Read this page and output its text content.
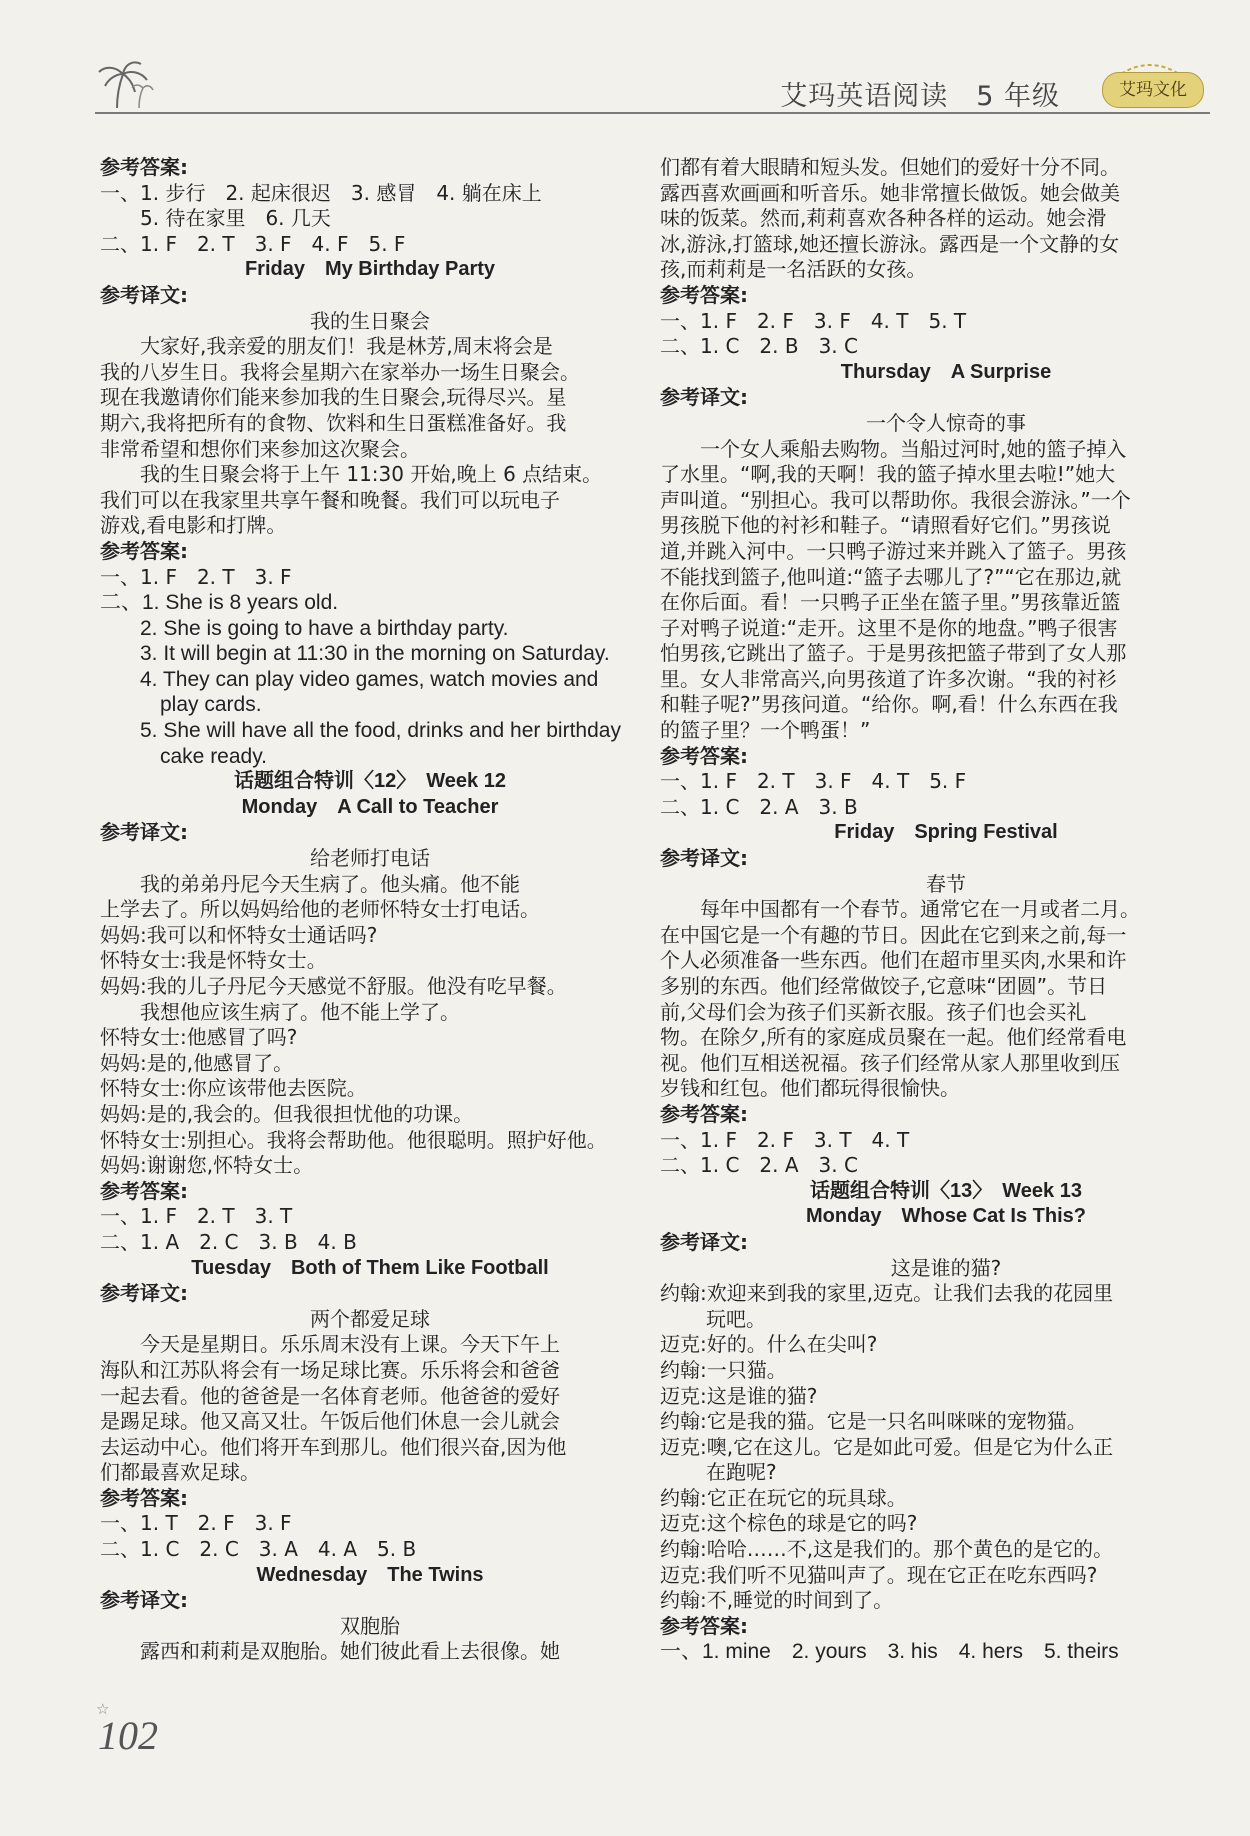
艾玛英语阅读　5 年级	艾玛文化
参考答案:
一、1. 步行　2. 起床很迟　3. 感冒　4. 躺在床上
5. 待在家里　6. 几天
二、1. F　2. T　3. F　4. F　5. F
Friday　My Birthday Party
参考译文:
我的生日聚会
　　大家好,我亲爱的朋友们！我是林芳,周末将会是
我的八岁生日。我将会星期六在家举办一场生日聚会。
现在我邀请你们能来参加我的生日聚会,玩得尽兴。星
期六,我将把所有的食物、饮料和生日蛋糕准备好。我
非常希望和想你们来参加这次聚会。
　　我的生日聚会将于上午 11:30 开始,晚上 6 点结束。
我们可以在我家里共享午餐和晚餐。我们可以玩电子
游戏,看电影和打牌。
参考答案:
一、1. F　2. T　3. F
二、1. She is 8 years old.
2. She is going to have a birthday party.
3. It will begin at 11:30 in the morning on Saturday.
4. They can play video games, watch movies and
play cards.
5. She will have all the food, drinks and her birthday
cake ready.
话题组合特训〈12〉　Week 12
Monday　A Call to Teacher
参考译文:
给老师打电话
　　我的弟弟丹尼今天生病了。他头痛。他不能
上学去了。所以妈妈给他的老师怀特女士打电话。
妈妈:我可以和怀特女士通话吗?
怀特女士:我是怀特女士。
妈妈:我的儿子丹尼今天感觉不舒服。他没有吃早餐。
　　我想他应该生病了。他不能上学了。
怀特女士:他感冒了吗?
妈妈:是的,他感冒了。
怀特女士:你应该带他去医院。
妈妈:是的,我会的。但我很担忧他的功课。
怀特女士:别担心。我将会帮助他。他很聪明。照护好他。
妈妈:谢谢您,怀特女士。
参考答案:
一、1. F　2. T　3. T
二、1. A　2. C　3. B　4. B
Tuesday　Both of Them Like Football
参考译文:
两个都爱足球
　　今天是星期日。乐乐周末没有上课。今天下午上
海队和江苏队将会有一场足球比赛。乐乐将会和爸爸
一起去看。他的爸爸是一名体育老师。他爸爸的爱好
是踢足球。他又高又壮。午饭后他们休息一会儿就会
去运动中心。他们将开车到那儿。他们很兴奋,因为他
们都最喜欢足球。
参考答案:
一、1. T　2. F　3. F
二、1. C　2. C　3. A　4. A　5. B
Wednesday　The Twins
参考译文:
双胞胎
　　露西和莉莉是双胞胎。她们彼此看上去很像。她
们都有着大眼睛和短头发。但她们的爱好十分不同。
露西喜欢画画和听音乐。她非常擅长做饭。她会做美
味的饭菜。然而,莉莉喜欢各种各样的运动。她会滑
冰,游泳,打篮球,她还擅长游泳。露西是一个文静的女
孩,而莉莉是一名活跃的女孩。
参考答案:
一、1. F　2. F　3. F　4. T　5. T
二、1. C　2. B　3. C
Thursday　A Surprise
参考译文:
一个令人惊奇的事
　　一个女人乘船去购物。当船过河时,她的篮子掉入
了水里。“啊,我的天啊！我的篮子掉水里去啦!”她大
声叫道。“别担心。我可以帮助你。我很会游泳。”一个
男孩脱下他的衬衫和鞋子。“请照看好它们。”男孩说
道,并跳入河中。一只鸭子游过来并跳入了篮子。男孩
不能找到篮子,他叫道:“篮子去哪儿了?”“它在那边,就
在你后面。看！一只鸭子正坐在篮子里。”男孩靠近篮
子对鸭子说道:“走开。这里不是你的地盘。”鸭子很害
怕男孩,它跳出了篮子。于是男孩把篮子带到了女人那
里。女人非常高兴,向男孩道了许多次谢。“我的衬衫
和鞋子呢?”男孩问道。“给你。啊,看！什么东西在我
的篮子里？一个鸭蛋！”
参考答案:
一、1. F　2. T　3. F　4. T　5. F
二、1. C　2. A　3. B
Friday　Spring Festival
参考译文:
春节
　　每年中国都有一个春节。通常它在一月或者二月。
在中国它是一个有趣的节日。因此在它到来之前,每一
个人必须准备一些东西。他们在超市里买肉,水果和许
多别的东西。他们经常做饺子,它意味“团圆”。节日
前,父母们会为孩子们买新衣服。孩子们也会买礼
物。在除夕,所有的家庭成员聚在一起。他们经常看电
视。他们互相送祝福。孩子们经常从家人那里收到压
岁钱和红包。他们都玩得很愉快。
参考答案:
一、1. F　2. F　3. T　4. T
二、1. C　2. A　3. C
话题组合特训〈13〉　Week 13
Monday　Whose Cat Is This?
参考译文:
这是谁的猫?
约翰:欢迎来到我的家里,迈克。让我们去我的花园里
玩吧。
迈克:好的。什么在尖叫?
约翰:一只猫。
迈克:这是谁的猫?
约翰:它是我的猫。它是一只名叫咪咪的宠物猫。
迈克:噢,它在这儿。它是如此可爱。但是它为什么正
在跑呢?
约翰:它正在玩它的玩具球。
迈克:这个棕色的球是它的吗?
约翰:哈哈……不,这是我们的。那个黄色的是它的。
迈克:我们听不见猫叫声了。现在它正在吃东西吗?
约翰:不,睡觉的时间到了。
参考答案:
一、1. mine　2. yours　3. his　4. hers　5. theirs
☆
102
